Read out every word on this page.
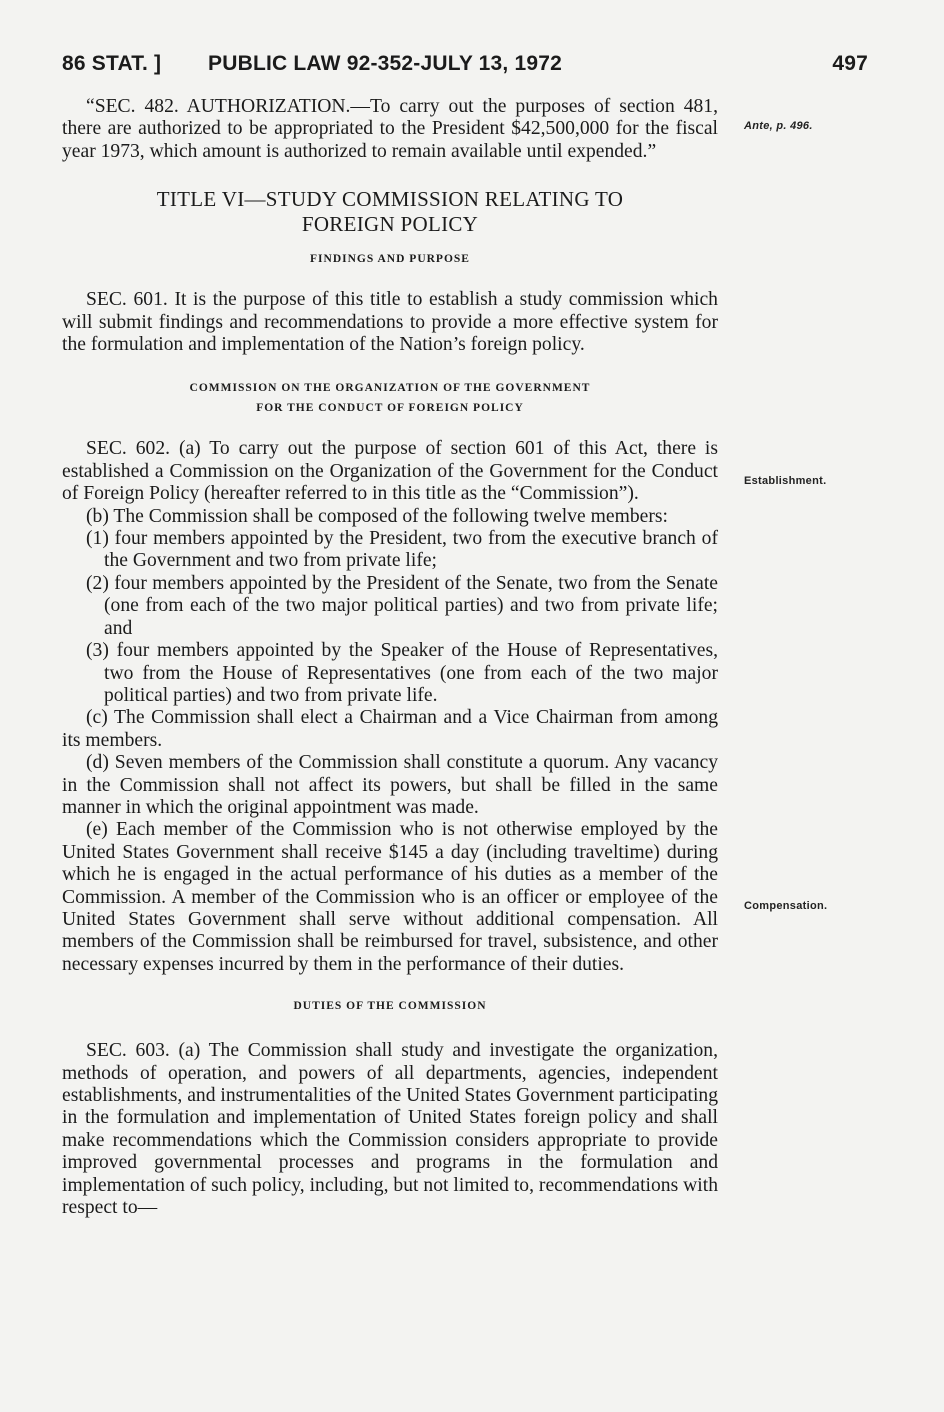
86 STAT. ] PUBLIC LAW 92-352-JULY 13, 1972	497
Ante, p. 496.
Establishment.
Compensation.

“SEC. 482. AUTHORIZATION.—To carry out the purposes of section 481, there are authorized to be appropriated to the President $42,500,000 for the fiscal year 1973, which amount is authorized to remain available until expended.”

TITLE VI—STUDY COMMISSION RELATING TO
FOREIGN POLICY
FINDINGS AND PURPOSE

SEC. 601. It is the purpose of this title to establish a study commission which will submit findings and recommendations to provide a more effective system for the formulation and implementation of the Nation’s foreign policy.

COMMISSION ON THE ORGANIZATION OF THE GOVERNMENT
FOR THE CONDUCT OF FOREIGN POLICY

SEC. 602. (a) To carry out the purpose of section 601 of this Act, there is established a Commission on the Organization of the Government for the Conduct of Foreign Policy (hereafter referred to in this title as the “Commission”).

(b) The Commission shall be composed of the following twelve members:

(1) four members appointed by the President, two from the executive branch of the Government and two from private life;

(2) four members appointed by the President of the Senate, two from the Senate (one from each of the two major political parties) and two from private life; and

(3) four members appointed by the Speaker of the House of Representatives, two from the House of Representatives (one from each of the two major political parties) and two from private life.

(c) The Commission shall elect a Chairman and a Vice Chairman from among its members.

(d) Seven members of the Commission shall constitute a quorum. Any vacancy in the Commission shall not affect its powers, but shall be filled in the same manner in which the original appointment was made.

(e) Each member of the Commission who is not otherwise employed by the United States Government shall receive $145 a day (including traveltime) during which he is engaged in the actual performance of his duties as a member of the Commission. A member of the Commission who is an officer or employee of the United States Government shall serve without additional compensation. All members of the Commission shall be reimbursed for travel, subsistence, and other necessary expenses incurred by them in the performance of their duties.

DUTIES OF THE COMMISSION

SEC. 603. (a) The Commission shall study and investigate the organization, methods of operation, and powers of all departments, agencies, independent establishments, and instrumentalities of the United States Government participating in the formulation and implementation of United States foreign policy and shall make recommendations which the Commission considers appropriate to provide improved governmental processes and programs in the formulation and implementation of such policy, including, but not limited to, recommendations with respect to—
